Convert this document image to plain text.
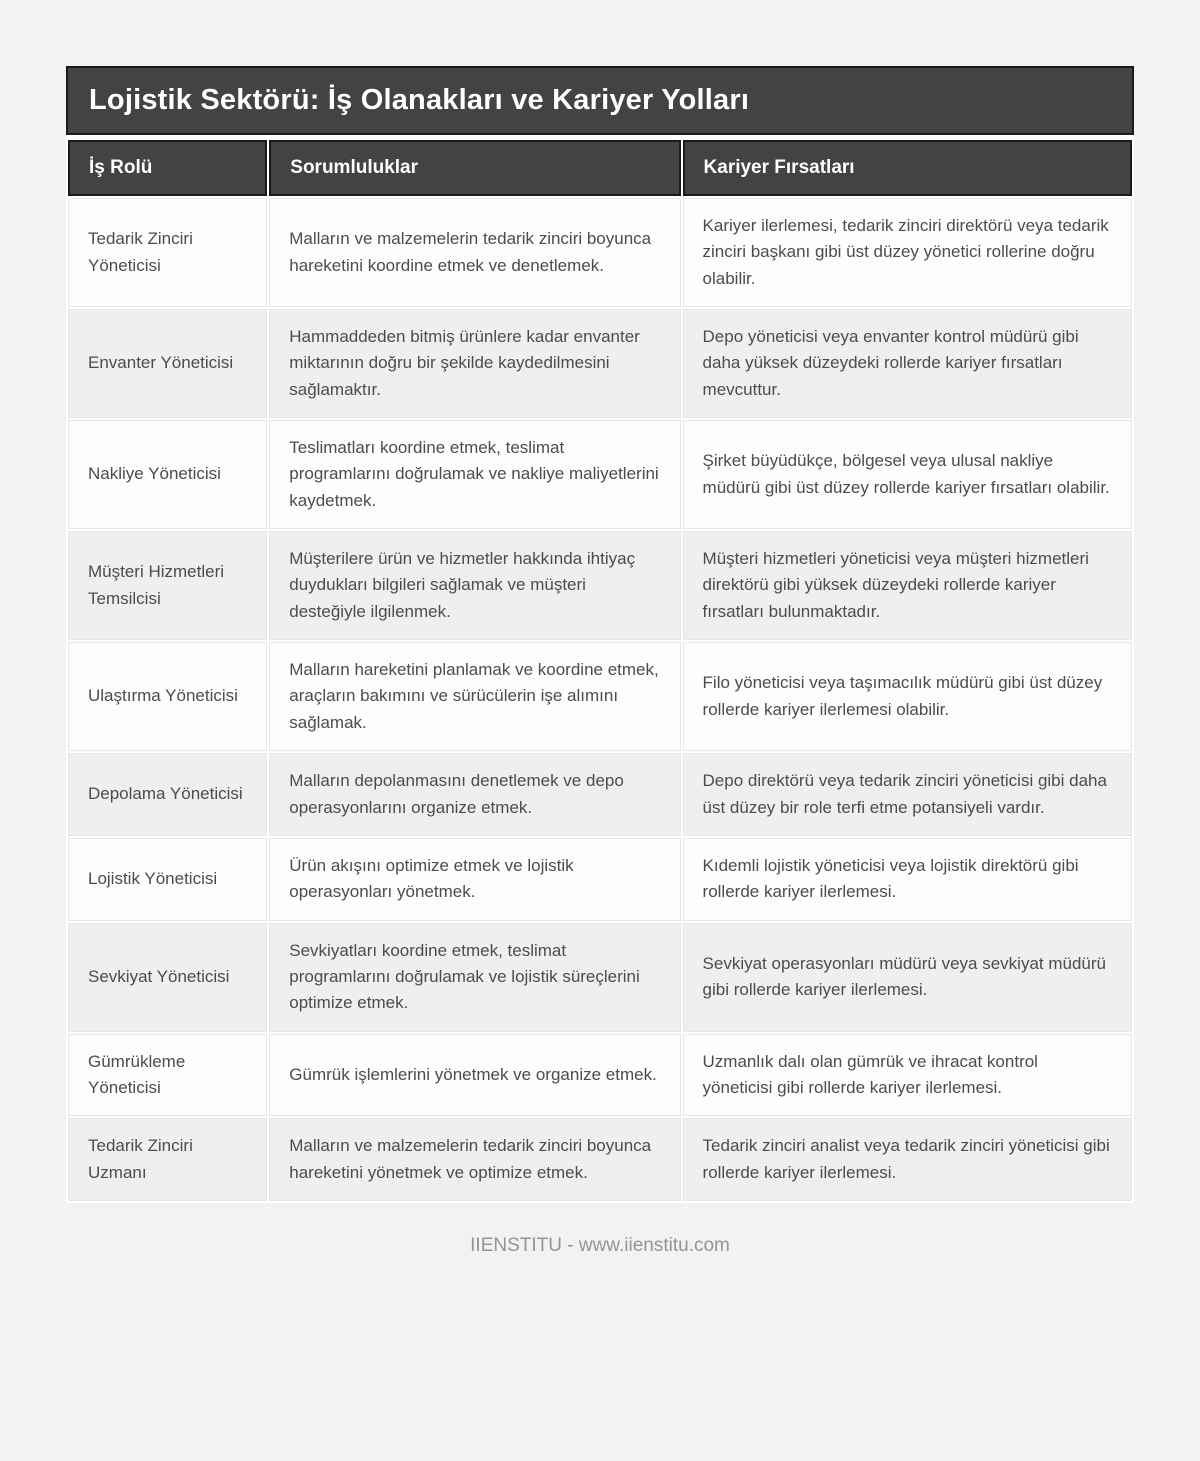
Lojistik Sektörü: İş Olanakları ve Kariyer Yolları
İş Rolü	Sorumluluklar	Kariyer Fırsatları
Tedarik Zinciri Yöneticisi	Malların ve malzemelerin tedarik zinciri boyunca hareketini koordine etmek ve denetlemek.	Kariyer ilerlemesi, tedarik zinciri direktörü veya tedarik zinciri başkanı gibi üst düzey yönetici rollerine doğru olabilir.
Envanter Yöneticisi	Hammaddeden bitmiş ürünlere kadar envanter miktarının doğru bir şekilde kaydedilmesini sağlamaktır.	Depo yöneticisi veya envanter kontrol müdürü gibi daha yüksek düzeydeki rollerde kariyer fırsatları mevcuttur.
Nakliye Yöneticisi	Teslimatları koordine etmek, teslimat programlarını doğrulamak ve nakliye maliyetlerini kaydetmek.	Şirket büyüdükçe, bölgesel veya ulusal nakliye müdürü gibi üst düzey rollerde kariyer fırsatları olabilir.
Müşteri Hizmetleri Temsilcisi	Müşterilere ürün ve hizmetler hakkında ihtiyaç duydukları bilgileri sağlamak ve müşteri desteğiyle ilgilenmek.	Müşteri hizmetleri yöneticisi veya müşteri hizmetleri direktörü gibi yüksek düzeydeki rollerde kariyer fırsatları bulunmaktadır.
Ulaştırma Yöneticisi	Malların hareketini planlamak ve koordine etmek, araçların bakımını ve sürücülerin işe alımını sağlamak.	Filo yöneticisi veya taşımacılık müdürü gibi üst düzey rollerde kariyer ilerlemesi olabilir.
Depolama Yöneticisi	Malların depolanmasını denetlemek ve depo operasyonlarını organize etmek.	Depo direktörü veya tedarik zinciri yöneticisi gibi daha üst düzey bir role terfi etme potansiyeli vardır.
Lojistik Yöneticisi	Ürün akışını optimize etmek ve lojistik operasyonları yönetmek.	Kıdemli lojistik yöneticisi veya lojistik direktörü gibi rollerde kariyer ilerlemesi.
Sevkiyat Yöneticisi	Sevkiyatları koordine etmek, teslimat programlarını doğrulamak ve lojistik süreçlerini optimize etmek.	Sevkiyat operasyonları müdürü veya sevkiyat müdürü gibi rollerde kariyer ilerlemesi.
Gümrükleme Yöneticisi	Gümrük işlemlerini yönetmek ve organize etmek.	Uzmanlık dalı olan gümrük ve ihracat kontrol yöneticisi gibi rollerde kariyer ilerlemesi.
Tedarik Zinciri Uzmanı	Malların ve malzemelerin tedarik zinciri boyunca hareketini yönetmek ve optimize etmek.	Tedarik zinciri analist veya tedarik zinciri yöneticisi gibi rollerde kariyer ilerlemesi.
IIENSTITU - www.iienstitu.com
